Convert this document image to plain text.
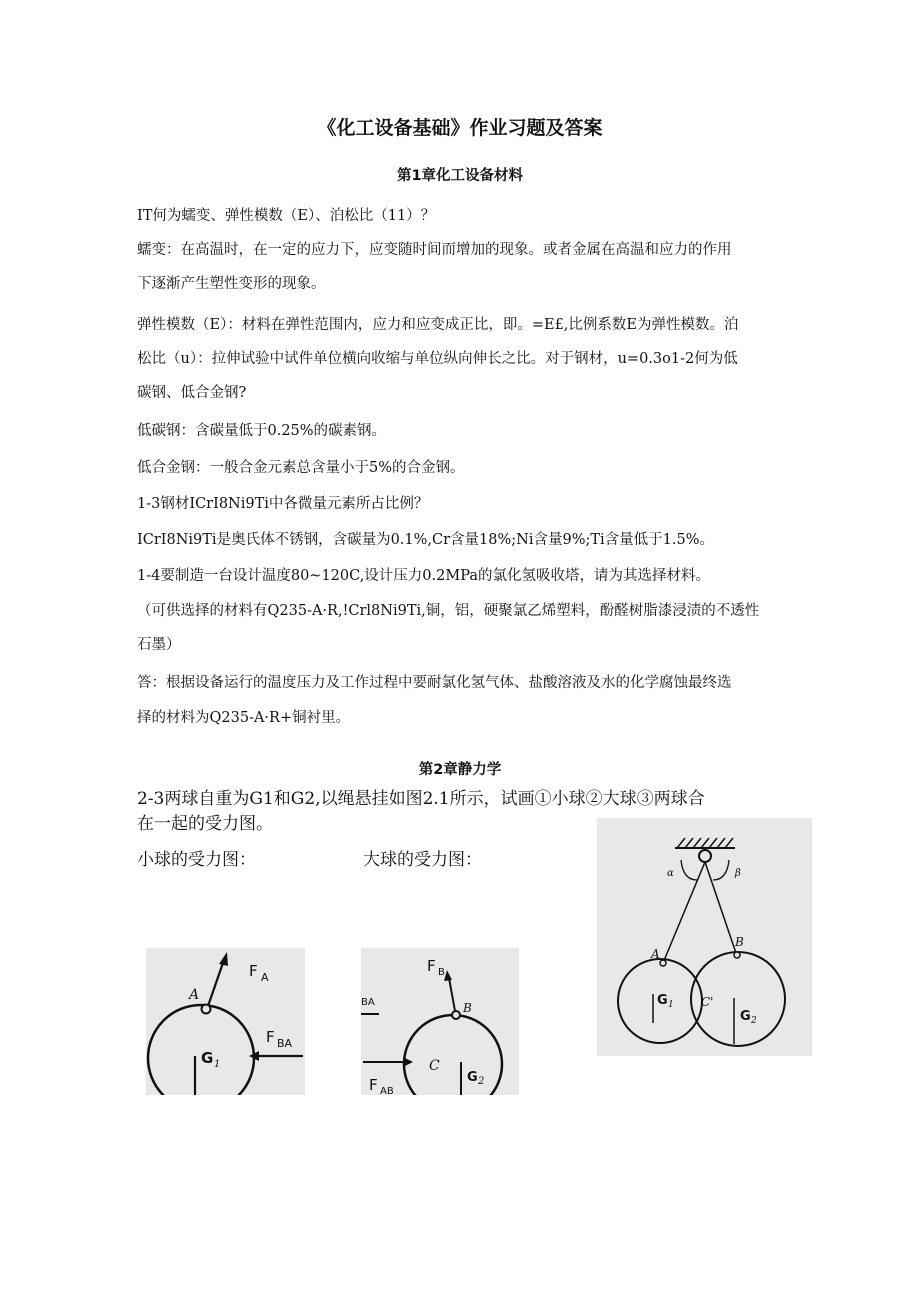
《化工设备基础》作业习题及答案
第1章化工设备材料
IT何为蠕变、弹性模数（E）、泊松比（11）？
蠕变：在高温时，在一定的应力下，应变随时间而增加的现象。或者金属在高温和应力的作用
下逐渐产生塑性变形的现象。
弹性模数（E）：材料在弹性范围内，应力和应变成正比，即。=E£,比例系数E为弹性模数。泊
松比（u）：拉伸试验中试件单位横向收缩与单位纵向伸长之比。对于钢材，u=0.3o1-2何为低
碳钢、低合金钢?
低碳钢：含碳量低于0.25%的碳素钢。
低合金钢：一般合金元素总含量小于5%的合金钢。
1-3钢材ICrI8Ni9Ti中各微量元素所占比例？
ICrI8Ni9Ti是奥氏体不锈钢，含碳量为0.1%,Cr含量18%;Ni含量9%;Ti含量低于1.5%。
1-4要制造一台设计温度80~120C,设计压力0.2MPa的氯化氢吸收塔，请为其选择材料。
（可供选择的材料有Q235-A·R,!Crl8Ni9Ti,铜，铝，硬聚氯乙烯塑料，酚醛树脂漆浸渍的不透性
石墨）
答：根据设备运行的温度压力及工作过程中要耐氯化氢气体、盐酸溶液及水的化学腐蚀最终选
择的材料为Q235-A·R+铜衬里。
第2章静力学
2-3两球自重为G1和G2,以绳悬挂如图2.1所示，试画①小球②大球③两球合
在一起的受力图。
小球的受力图：	大球的受力图：
A
F A
F BA
G 1
F B
BA	B
C
F AB
G 2
α	β
A
B
C'
G 1
G 2
